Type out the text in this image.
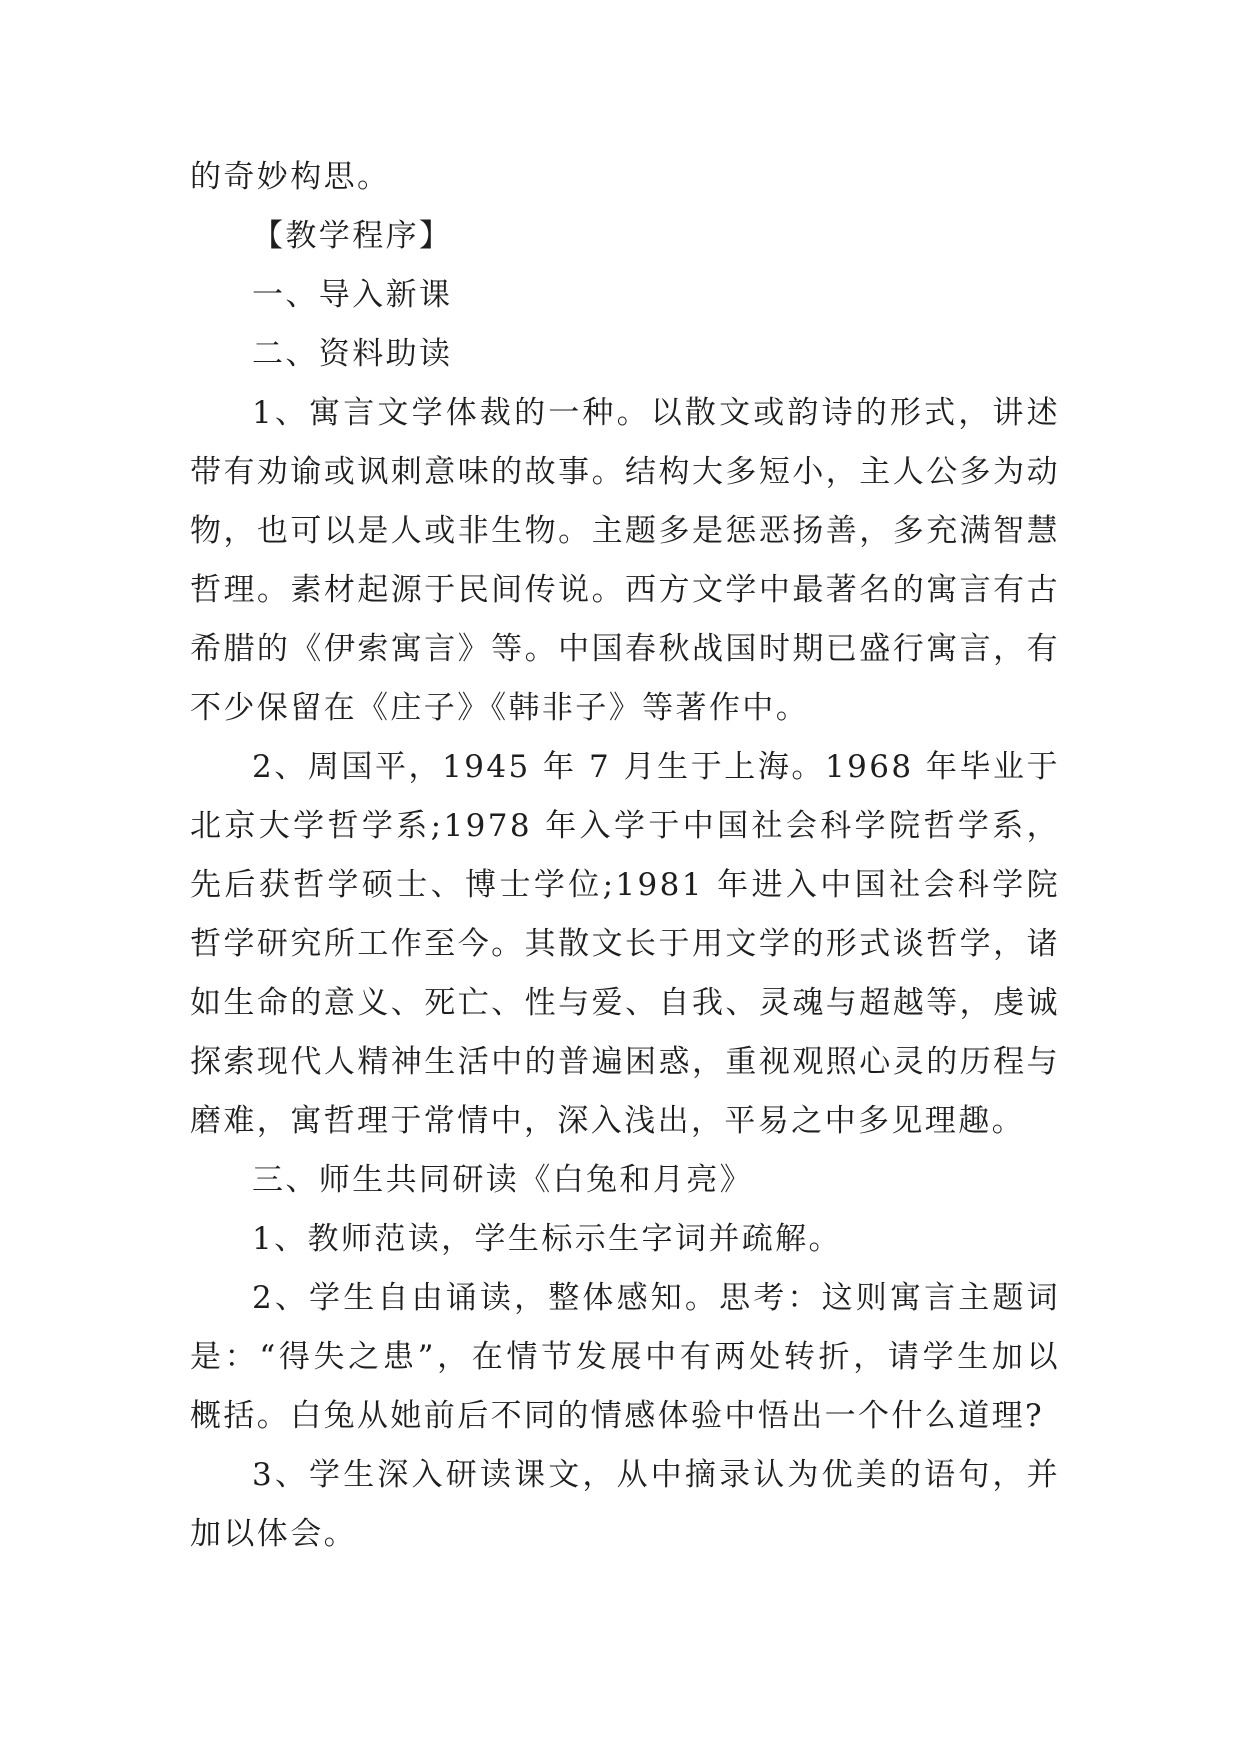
的奇妙构思。

【教学程序】

一、导入新课

二、资料助读

1、寓言文学体裁的一种。以散文或韵诗的形式，讲述带有劝谕或讽刺意味的故事。结构大多短小，主人公多为动物，也可以是人或非生物。主题多是惩恶扬善，多充满智慧哲理。素材起源于民间传说。西方文学中最著名的寓言有古希腊的《伊索寓言》等。中国春秋战国时期已盛行寓言，有不少保留在《庄子》《韩非子》等著作中。

2、周国平，1945 年 7 月生于上海。1968 年毕业于北京大学哲学系;1978 年入学于中国社会科学院哲学系，先后获哲学硕士、博士学位;1981 年进入中国社会科学院哲学研究所工作至今。其散文长于用文学的形式谈哲学，诸如生命的意义、死亡、性与爱、自我、灵魂与超越等，虔诚探索现代人精神生活中的普遍困惑，重视观照心灵的历程与磨难，寓哲理于常情中，深入浅出，平易之中多见理趣。

三、师生共同研读《白兔和月亮》

1、教师范读，学生标示生字词并疏解。

2、学生自由诵读，整体感知。思考：这则寓言主题词是：“得失之患”，在情节发展中有两处转折，请学生加以概括。白兔从她前后不同的情感体验中悟出一个什么道理?

3、学生深入研读课文，从中摘录认为优美的语句，并加以体会。
